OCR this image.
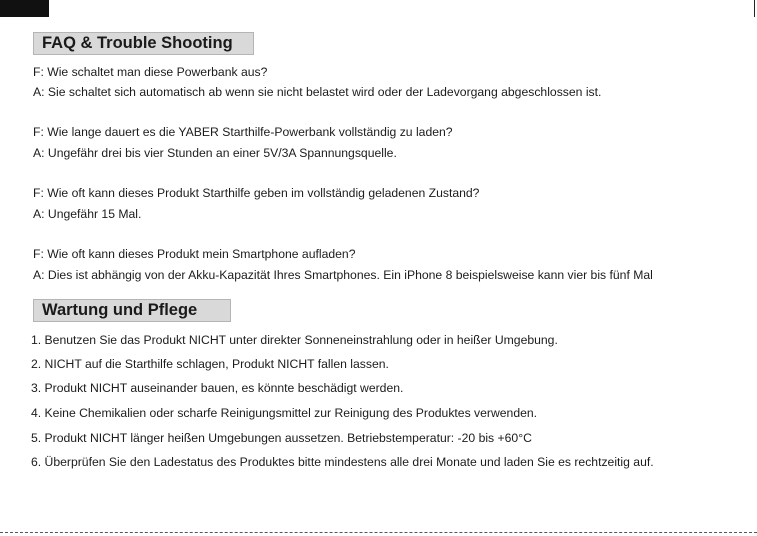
FAQ & Trouble Shooting
F: Wie schaltet man diese Powerbank aus?
A: Sie schaltet sich automatisch ab wenn sie nicht belastet wird oder der Ladevorgang abgeschlossen ist.
F: Wie lange dauert es die YABER Starthilfe-Powerbank vollständig zu laden?
A: Ungefähr drei bis vier Stunden an einer 5V/3A Spannungsquelle.
F: Wie oft kann dieses Produkt Starthilfe geben im vollständig geladenen Zustand?
A: Ungefähr 15 Mal.
F: Wie oft kann dieses Produkt mein Smartphone aufladen?
A: Dies ist abhängig von der Akku-Kapazität Ihres Smartphones. Ein iPhone 8 beispielsweise kann vier bis fünf Mal
Wartung und Pflege
1. Benutzen Sie das Produkt NICHT unter direkter Sonneneinstrahlung oder in heißer Umgebung.
2. NICHT auf die Starthilfe schlagen, Produkt NICHT fallen lassen.
3. Produkt NICHT auseinander bauen, es könnte beschädigt werden.
4. Keine Chemikalien oder scharfe Reinigungsmittel zur Reinigung des Produktes verwenden.
5. Produkt NICHT länger heißen Umgebungen aussetzen. Betriebstemperatur: -20 bis +60°C
6. Überprüfen Sie den Ladestatus des Produktes bitte mindestens alle drei Monate und laden Sie es rechtzeitig auf.
